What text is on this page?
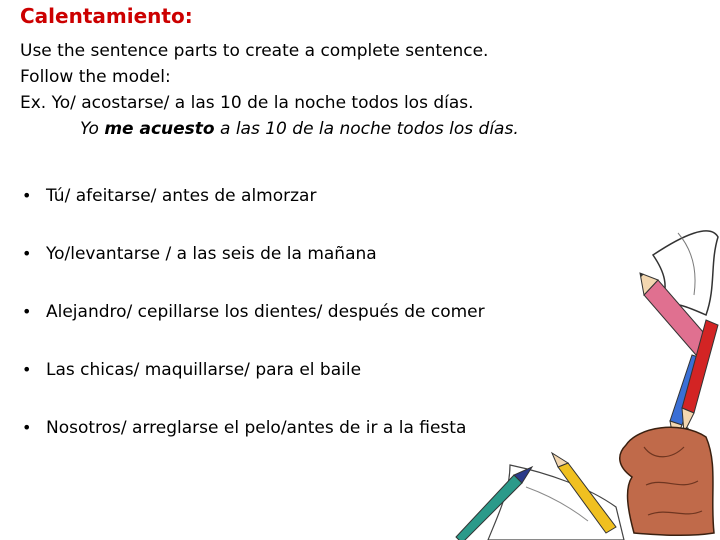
Calentamiento:
Use the sentence parts to create a complete sentence.
Follow the model:
Ex. Yo/ acostarse/ a las 10 de la noche todos los días.
Yo me acuesto a las 10 de la noche todos los días.
• Tú/ afeitarse/ antes de almorzar
• Yo/levantarse / a las seis de la mañana
• Alejandro/ cepillarse los dientes/ después de comer
• Las chicas/ maquillarse/ para el baile
• Nosotros/ arreglarse el pelo/antes de ir a la fiesta
